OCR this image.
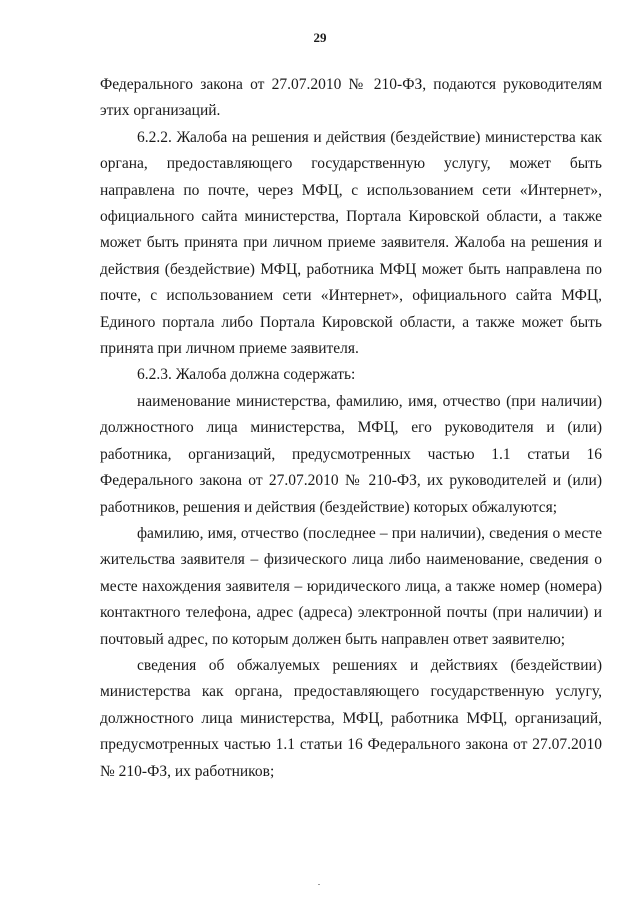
29

Федерального закона от 27.07.2010 № 210-ФЗ, подаются руководителям этих организаций.

6.2.2. Жалоба на решения и действия (бездействие) министерства как органа, предоставляющего государственную услугу, может быть направлена по почте, через МФЦ, с использованием сети «Интернет», официального сайта министерства, Портала Кировской области, а также может быть принята при личном приеме заявителя. Жалоба на решения и действия (бездействие) МФЦ, работника МФЦ может быть направлена по почте, с использованием сети «Интернет», официального сайта МФЦ, Единого портала либо Портала Кировской области, а также может быть принята при личном приеме заявителя.

6.2.3. Жалоба должна содержать:

наименование министерства, фамилию, имя, отчество (при наличии) должностного лица министерства, МФЦ, его руководителя и (или) работника, организаций, предусмотренных частью 1.1 статьи 16 Федерального закона от 27.07.2010 № 210-ФЗ, их руководителей и (или) работников, решения и действия (бездействие) которых обжалуются;

фамилию, имя, отчество (последнее – при наличии), сведения о месте жительства заявителя – физического лица либо наименование, сведения о месте нахождения заявителя – юридического лица, а также номер (номера) контактного телефона, адрес (адреса) электронной почты (при наличии) и почтовый адрес, по которым должен быть направлен ответ заявителю;

сведения об обжалуемых решениях и действиях (бездействии) министерства как органа, предоставляющего государственную услугу, должностного лица министерства, МФЦ, работника МФЦ, организаций, предусмотренных частью 1.1 статьи 16 Федерального закона от 27.07.2010 № 210-ФЗ, их работников;
